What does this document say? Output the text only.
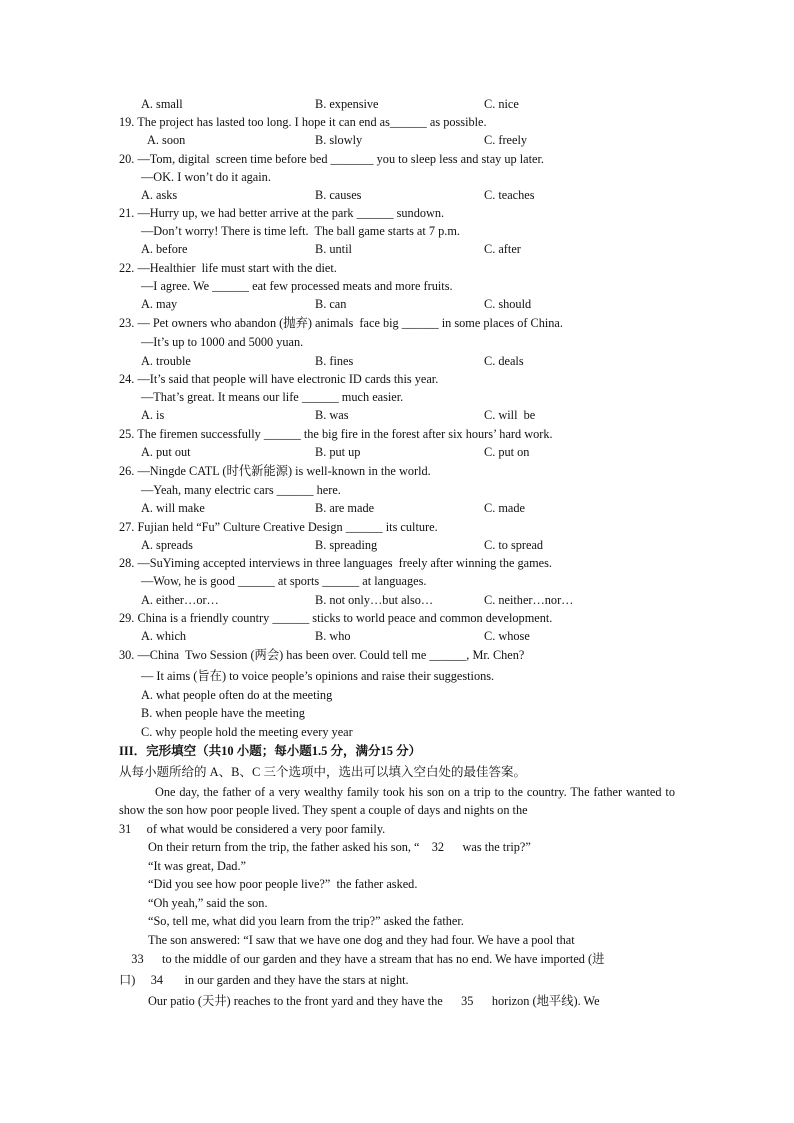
A. small	B. expensive	C. nice
19. The project has lasted too long. I hope it can end as______ as possible.
A. soon	B. slowly	C. freely
20. —Tom, digital  screen time before bed _______ you to sleep less and stay up later.
—OK. I won’t do it again.
A. asks	B. causes	C. teaches
21. —Hurry up, we had better arrive at the park ______ sundown.
—Don’t worry! There is time left.  The ball game starts at 7 p.m.
A. before	B. until	C. after
22. —Healthier  life must start with the diet.
—I agree. We ______ eat few processed meats and more fruits.
A. may	B. can	C. should
23. — Pet owners who abandon (抛弃) animals  face big ______ in some places of China.
—It’s up to 1000 and 5000 yuan.
A. trouble	B. fines	C. deals
24. —It’s said that people will have electronic ID cards this year.
—That’s great. It means our life ______ much easier.
A. is	B. was	C. will  be
25. The firemen successfully ______ the big fire in the forest after six hours’ hard work.
A. put out	B. put up	C. put on
26. —Ningde CATL (时代新能源) is well-known in the world.
—Yeah, many electric cars ______ here.
A. will make	B. are made	C. made
27. Fujian held “Fu” Culture Creative Design ______ its culture.
A. spreads	B. spreading	C. to spread
28. —SuYiming accepted interviews in three languages  freely after winning the games.
—Wow, he is good ______ at sports ______ at languages.
A. either…or…	B. not only…but also…	C. neither…nor…
29. China is a friendly country ______ sticks to world peace and common development.
A. which	B. who	C. whose
30. —China  Two Session (两会) has been over. Could tell me ______, Mr. Chen?
— It aims (旨在) to voice people’s opinions and raise their suggestions.
A. what people often do at the meeting
B. when people have the meeting
C. why people hold the meeting every year
III．完形填空（共10 小题；每小题1.5 分，满分15 分）
从每小题所给的 A、B、C 三个选项中，选出可以填入空白处的最佳答案。
One day, the father of a very wealthy family took his son on a trip to the country. The father wanted to show the son how poor people lived. They spent a couple of days and nights on the
31     of what would be considered a very poor family.
On their return from the trip, the father asked his son, “    32      was the trip?”
“It was great, Dad.”
“Did you see how poor people live?”  the father asked.
“Oh yeah,” said the son.
“So, tell me, what did you learn from the trip?” asked the father.
The son answered: “I saw that we have one dog and they had four. We have a pool that
33      to the middle of our garden and they have a stream that has no end. We have imported (进
口)     34       in our garden and they have the stars at night.
Our patio (天井) reaches to the front yard and they have the      35      horizon (地平线). We
